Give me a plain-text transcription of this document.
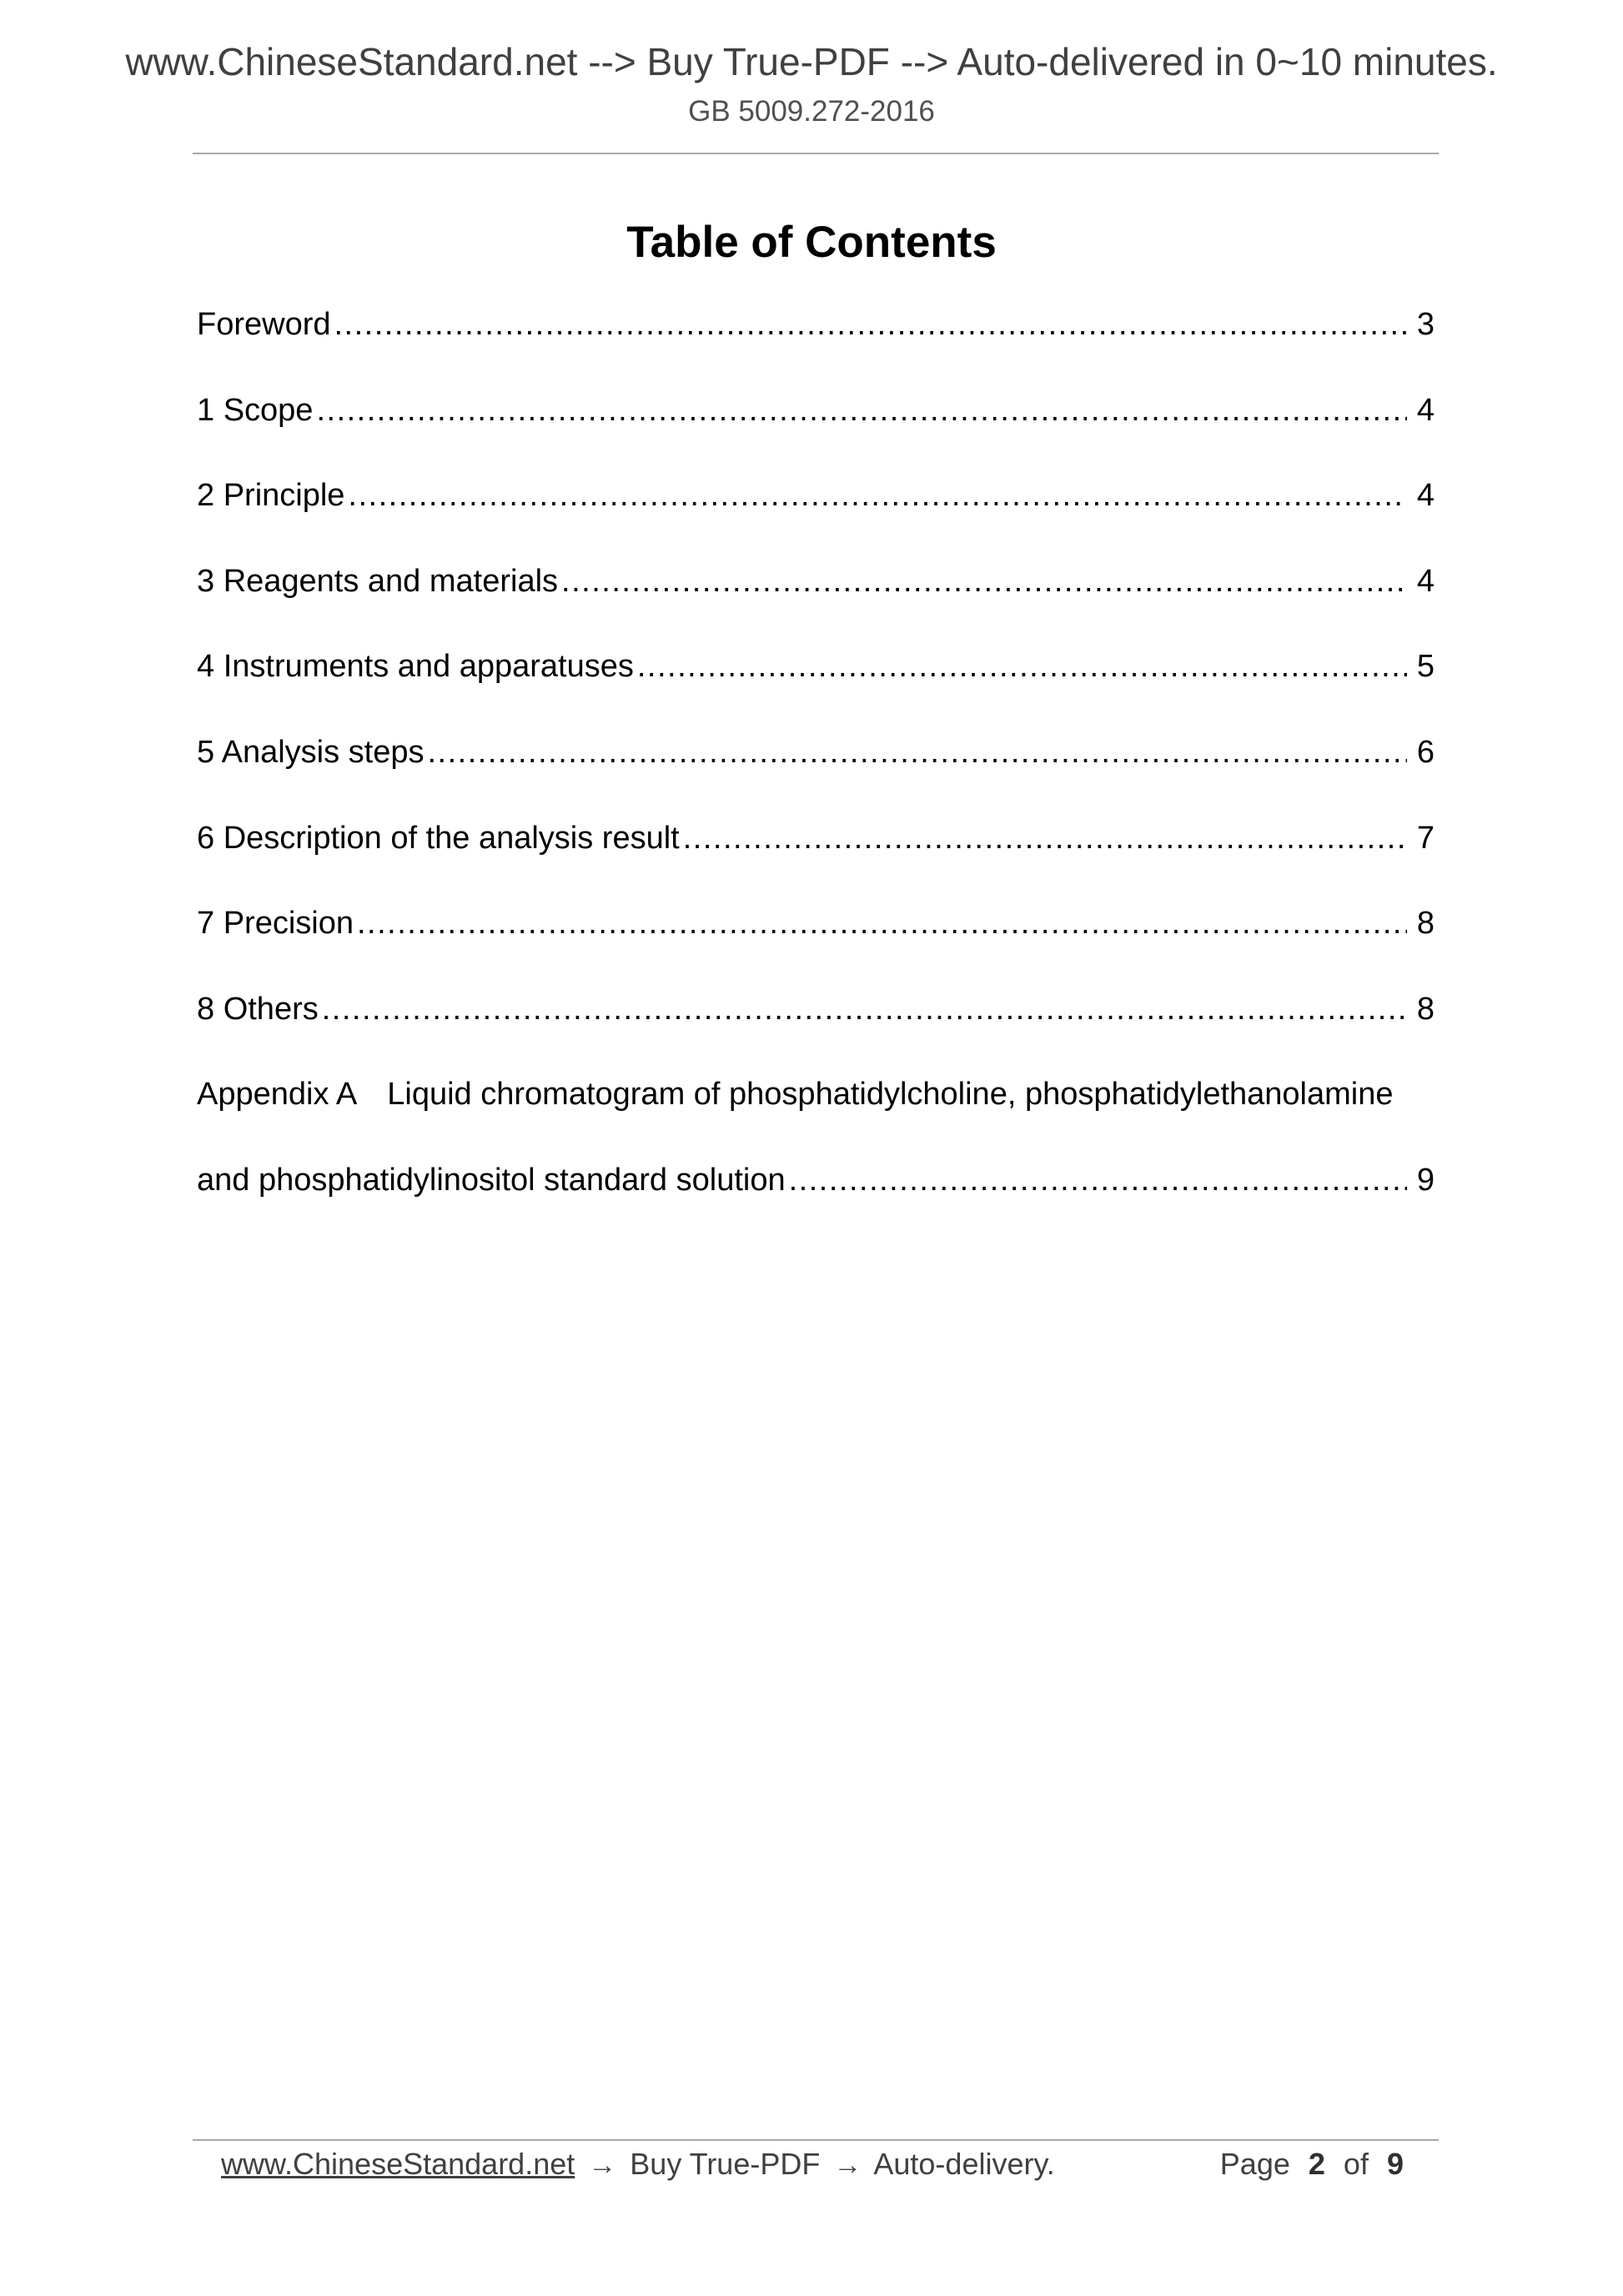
www.ChineseStandard.net --> Buy True-PDF --> Auto-delivered in 0~10 minutes.
GB 5009.272-2016
Table of Contents
Foreword .....	3
1 Scope .....	4
2 Principle .....	4
3 Reagents and materials .....	4
4 Instruments and apparatuses .....	5
5 Analysis steps .....	6
6 Description of the analysis result .....	7
7 Precision .....	8
8 Others .....	8
Appendix A Liquid chromatogram of phosphatidylcholine, phosphatidylethanolamine
and phosphatidylinositol standard solution .....	9
www.ChineseStandard.net → Buy True-PDF → Auto-delivery.	Page 2 of 9
